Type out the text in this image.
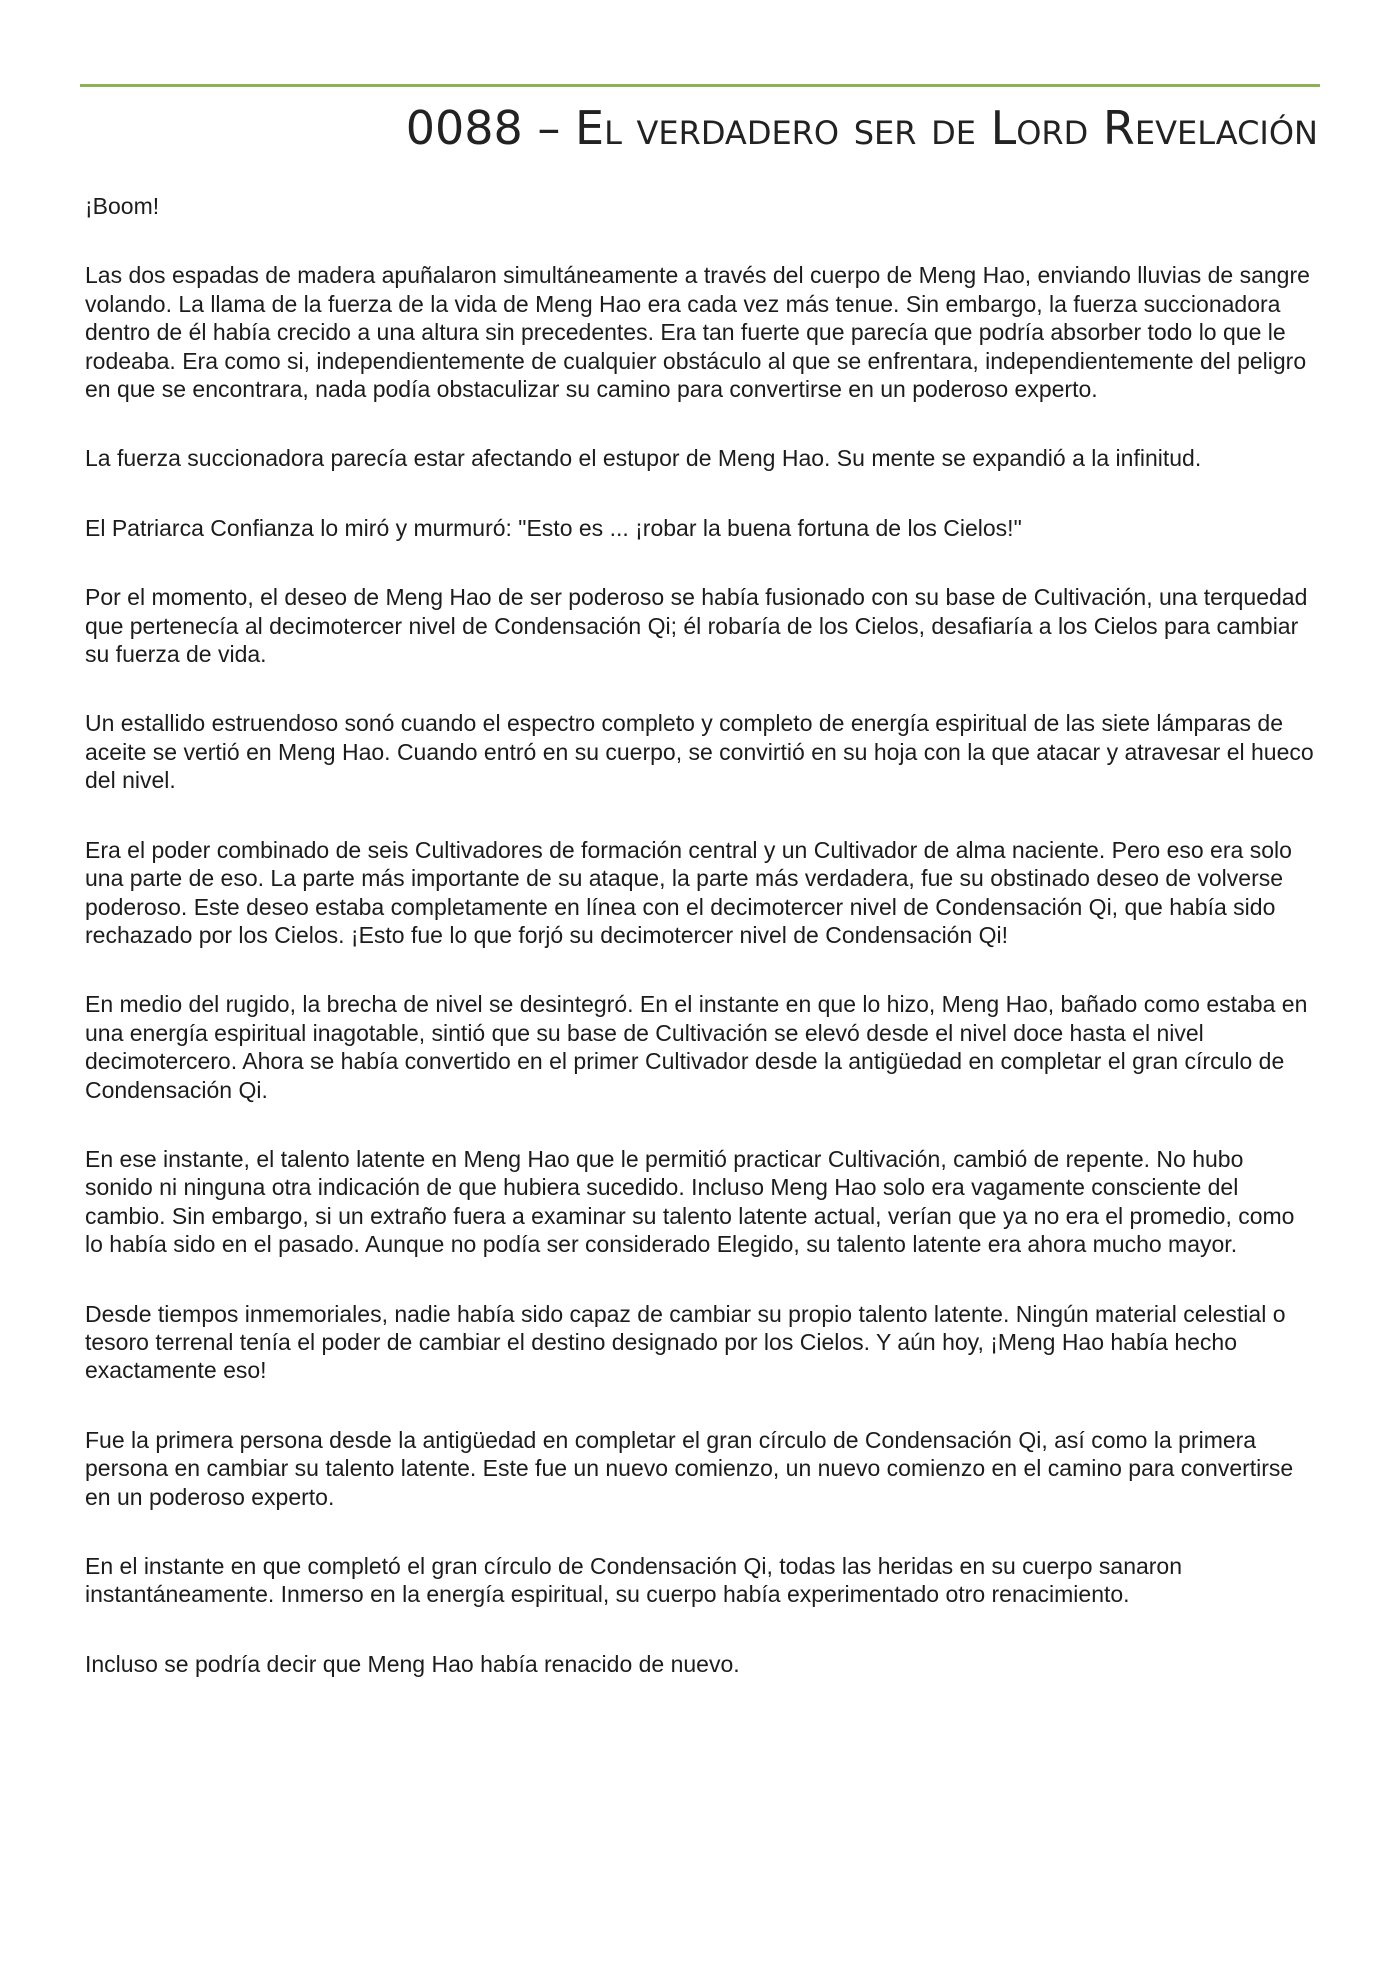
0088 – El verdadero ser de Lord Revelación

¡Boom!

Las dos espadas de madera apuñalaron simultáneamente a través del cuerpo de Meng Hao, enviando lluvias de sangre volando. La llama de la fuerza de la vida de Meng Hao era cada vez más tenue. Sin embargo, la fuerza succionadora dentro de él había crecido a una altura sin precedentes. Era tan fuerte que parecía que podría absorber todo lo que le rodeaba. Era como si, independientemente de cualquier obstáculo al que se enfrentara, independientemente del peligro en que se encontrara, nada podía obstaculizar su camino para convertirse en un poderoso experto.

La fuerza succionadora parecía estar afectando el estupor de Meng Hao. Su mente se expandió a la infinitud.

El Patriarca Confianza lo miró y murmuró: "Esto es ... ¡robar la buena fortuna de los Cielos!"

Por el momento, el deseo de Meng Hao de ser poderoso se había fusionado con su base de Cultivación, una terquedad que pertenecía al decimotercer nivel de Condensación Qi; él robaría de los Cielos, desafiaría a los Cielos para cambiar su fuerza de vida.

Un estallido estruendoso sonó cuando el espectro completo y completo de energía espiritual de las siete lámparas de aceite se vertió en Meng Hao. Cuando entró en su cuerpo, se convirtió en su hoja con la que atacar y atravesar el hueco del nivel.

Era el poder combinado de seis Cultivadores de formación central y un Cultivador de alma naciente. Pero eso era solo una parte de eso. La parte más importante de su ataque, la parte más verdadera, fue su obstinado deseo de volverse poderoso. Este deseo estaba completamente en línea con el decimotercer nivel de Condensación Qi, que había sido rechazado por los Cielos. ¡Esto fue lo que forjó su decimotercer nivel de Condensación Qi!

En medio del rugido, la brecha de nivel se desintegró. En el instante en que lo hizo, Meng Hao, bañado como estaba en una energía espiritual inagotable, sintió que su base de Cultivación se elevó desde el nivel doce hasta el nivel decimotercero. Ahora se había convertido en el primer Cultivador desde la antigüedad en completar el gran círculo de Condensación Qi.

En ese instante, el talento latente en Meng Hao que le permitió practicar Cultivación, cambió de repente. No hubo sonido ni ninguna otra indicación de que hubiera sucedido. Incluso Meng Hao solo era vagamente consciente del cambio. Sin embargo, si un extraño fuera a examinar su talento latente actual, verían que ya no era el promedio, como lo había sido en el pasado. Aunque no podía ser considerado Elegido, su talento latente era ahora mucho mayor.

Desde tiempos inmemoriales, nadie había sido capaz de cambiar su propio talento latente. Ningún material celestial o tesoro terrenal tenía el poder de cambiar el destino designado por los Cielos. Y aún hoy, ¡Meng Hao había hecho exactamente eso!

Fue la primera persona desde la antigüedad en completar el gran círculo de Condensación Qi, así como la primera persona en cambiar su talento latente. Este fue un nuevo comienzo, un nuevo comienzo en el camino para convertirse en un poderoso experto.

En el instante en que completó el gran círculo de Condensación Qi, todas las heridas en su cuerpo sanaron instantáneamente. Inmerso en la energía espiritual, su cuerpo había experimentado otro renacimiento.

Incluso se podría decir que Meng Hao había renacido de nuevo.
